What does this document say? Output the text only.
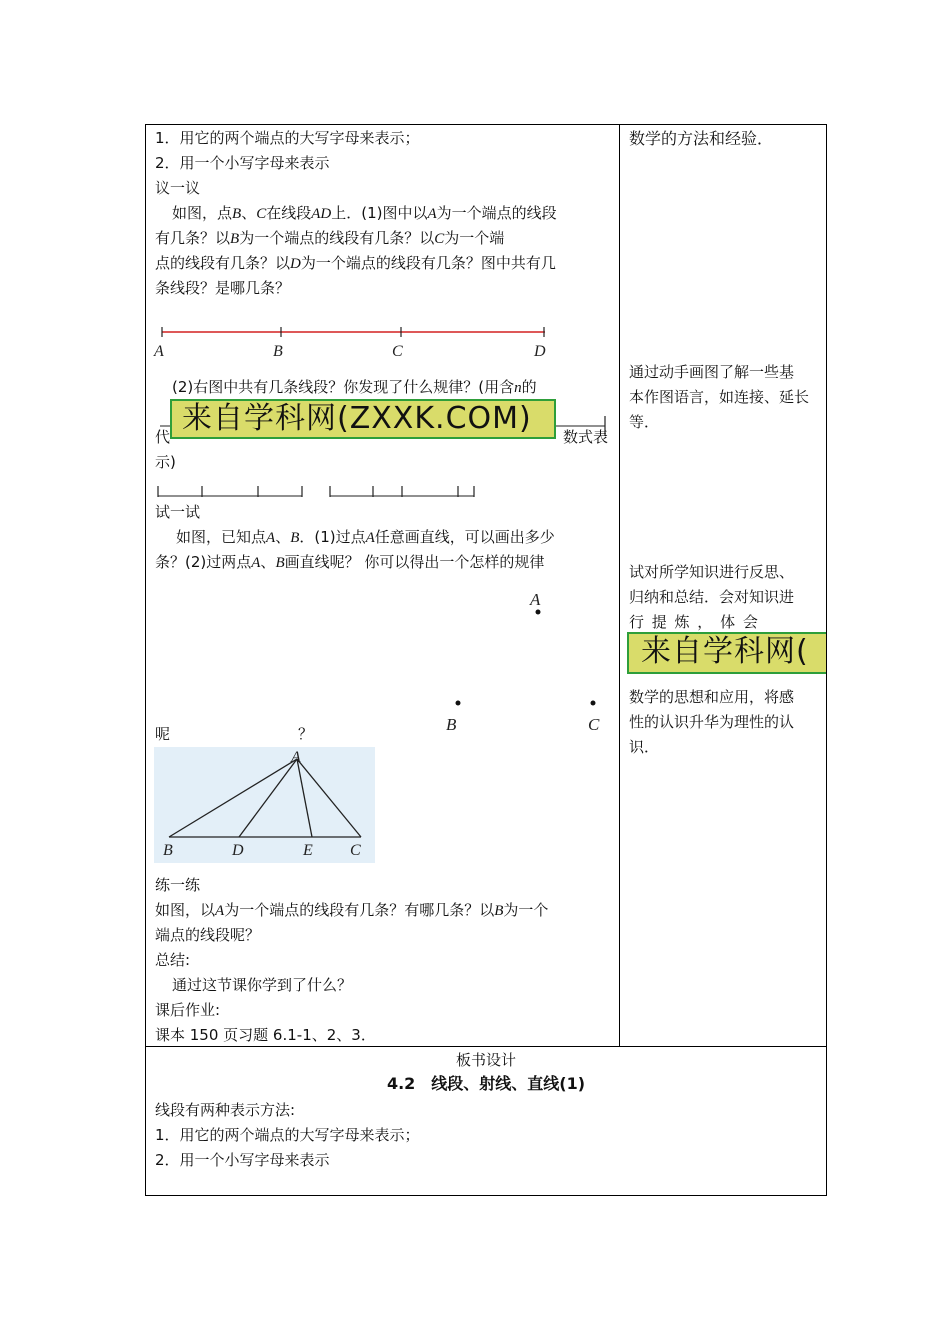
1．用它的两个端点的大写字母来表示；
2．用一个小写字母来表示
议一议
如图，点B、C在线段AD上．(1)图中以A为一个端点的线段
有几条？以B为一个端点的线段有几条？以C为一个端
点的线段有几条？以D为一个端点的线段有几条？图中共有几
条线段？是哪几条？
A	B	C	D
(2)右图中共有几条线段？你发现了什么规律？(用含n的
代	数式表
示)
来自学科网(ZXXK.COM)
试一试
如图，已知点A、B．(1)过点A任意画直线，可以画出多少
条？(2)过两点A、B画直线呢？ 你可以得出一个怎样的规律
A
B	C
呢	？
A
B	D	E C
练一练
如图，以A为一个端点的线段有几条？有哪几条？以B为一个
端点的线段呢？
总结:
通过这节课你学到了什么？
课后作业:
课本 150 页习题 6.1-1、2、3．
数学的方法和经验．
通过动手画图了解一些基
本作图语言，如连接、延长
等．
试对所学知识进行反思、
归纳和总结．会对知识进
行 提 炼 ， 体 会
来自学科网(
数学的思想和应用，将感
性的认识升华为理性的认
识．
板书设计
4.2　线段、射线、直线(1)
线段有两种表示方法:
1．用它的两个端点的大写字母来表示；
2．用一个小写字母来表示
